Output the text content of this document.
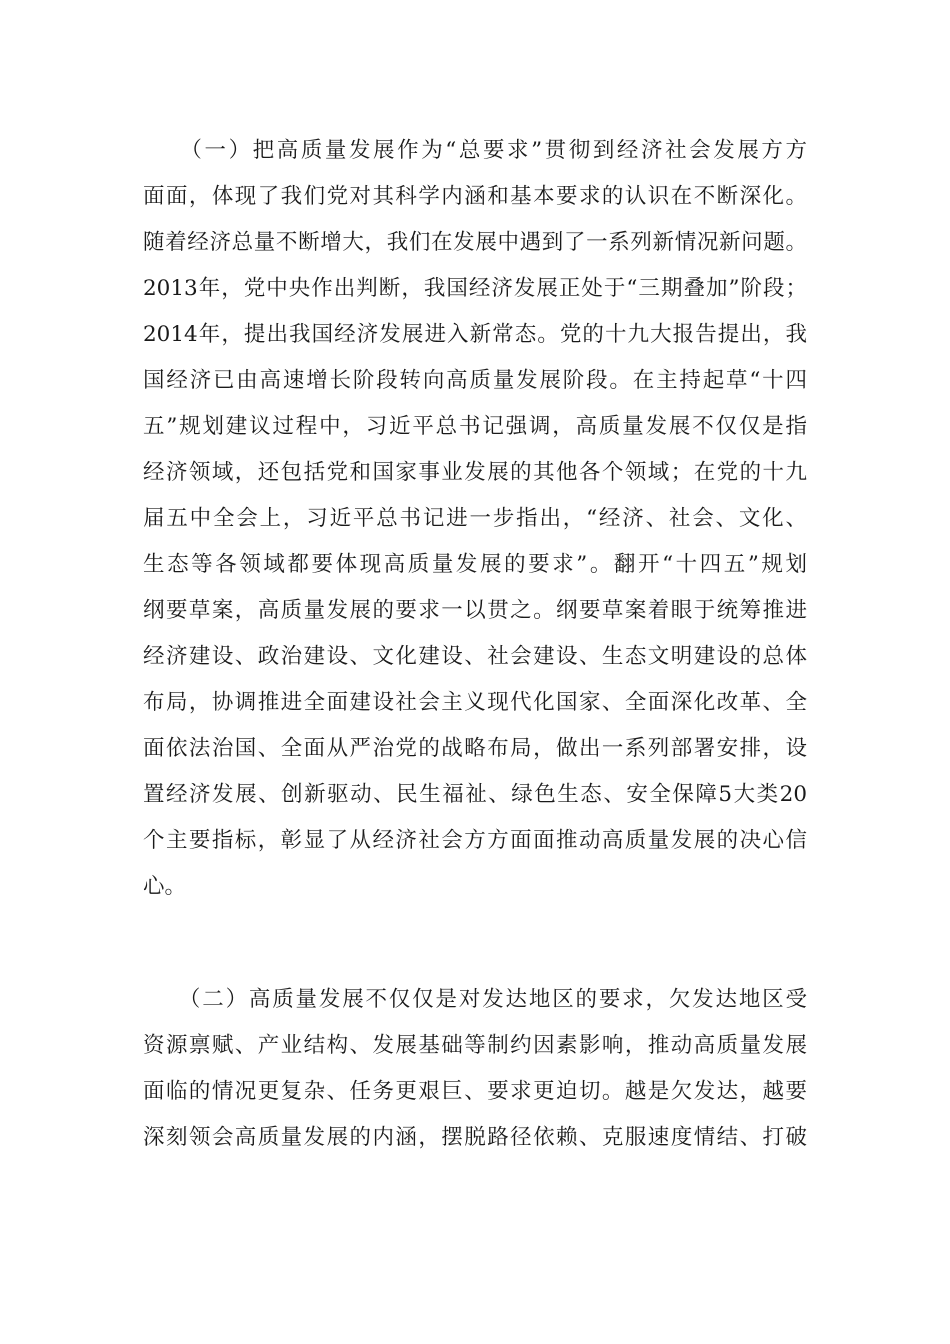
　　（一）把高质量发展作为“总要求”贯彻到经济社会发展方方
面面，体现了我们党对其科学内涵和基本要求的认识在不断深化。
随着经济总量不断增大，我们在发展中遇到了一系列新情况新问题。
2013年，党中央作出判断，我国经济发展正处于“三期叠加”阶段；
2014年，提出我国经济发展进入新常态。党的十九大报告提出，我
国经济已由高速增长阶段转向高质量发展阶段。在主持起草“十四
五”规划建议过程中，习近平总书记强调，高质量发展不仅仅是指
经济领域，还包括党和国家事业发展的其他各个领域；在党的十九
届五中全会上，习近平总书记进一步指出，“经济、社会、文化、
生态等各领域都要体现高质量发展的要求”。翻开“十四五”规划
纲要草案，高质量发展的要求一以贯之。纲要草案着眼于统筹推进
经济建设、政治建设、文化建设、社会建设、生态文明建设的总体
布局，协调推进全面建设社会主义现代化国家、全面深化改革、全
面依法治国、全面从严治党的战略布局，做出一系列部署安排，设
置经济发展、创新驱动、民生福祉、绿色生态、安全保障5大类20
个主要指标，彰显了从经济社会方方面面推动高质量发展的决心信
心。
　　（二）高质量发展不仅仅是对发达地区的要求，欠发达地区受
资源禀赋、产业结构、发展基础等制约因素影响，推动高质量发展
面临的情况更复杂、任务更艰巨、要求更迫切。越是欠发达，越要
深刻领会高质量发展的内涵，摆脱路径依赖、克服速度情结、打破
